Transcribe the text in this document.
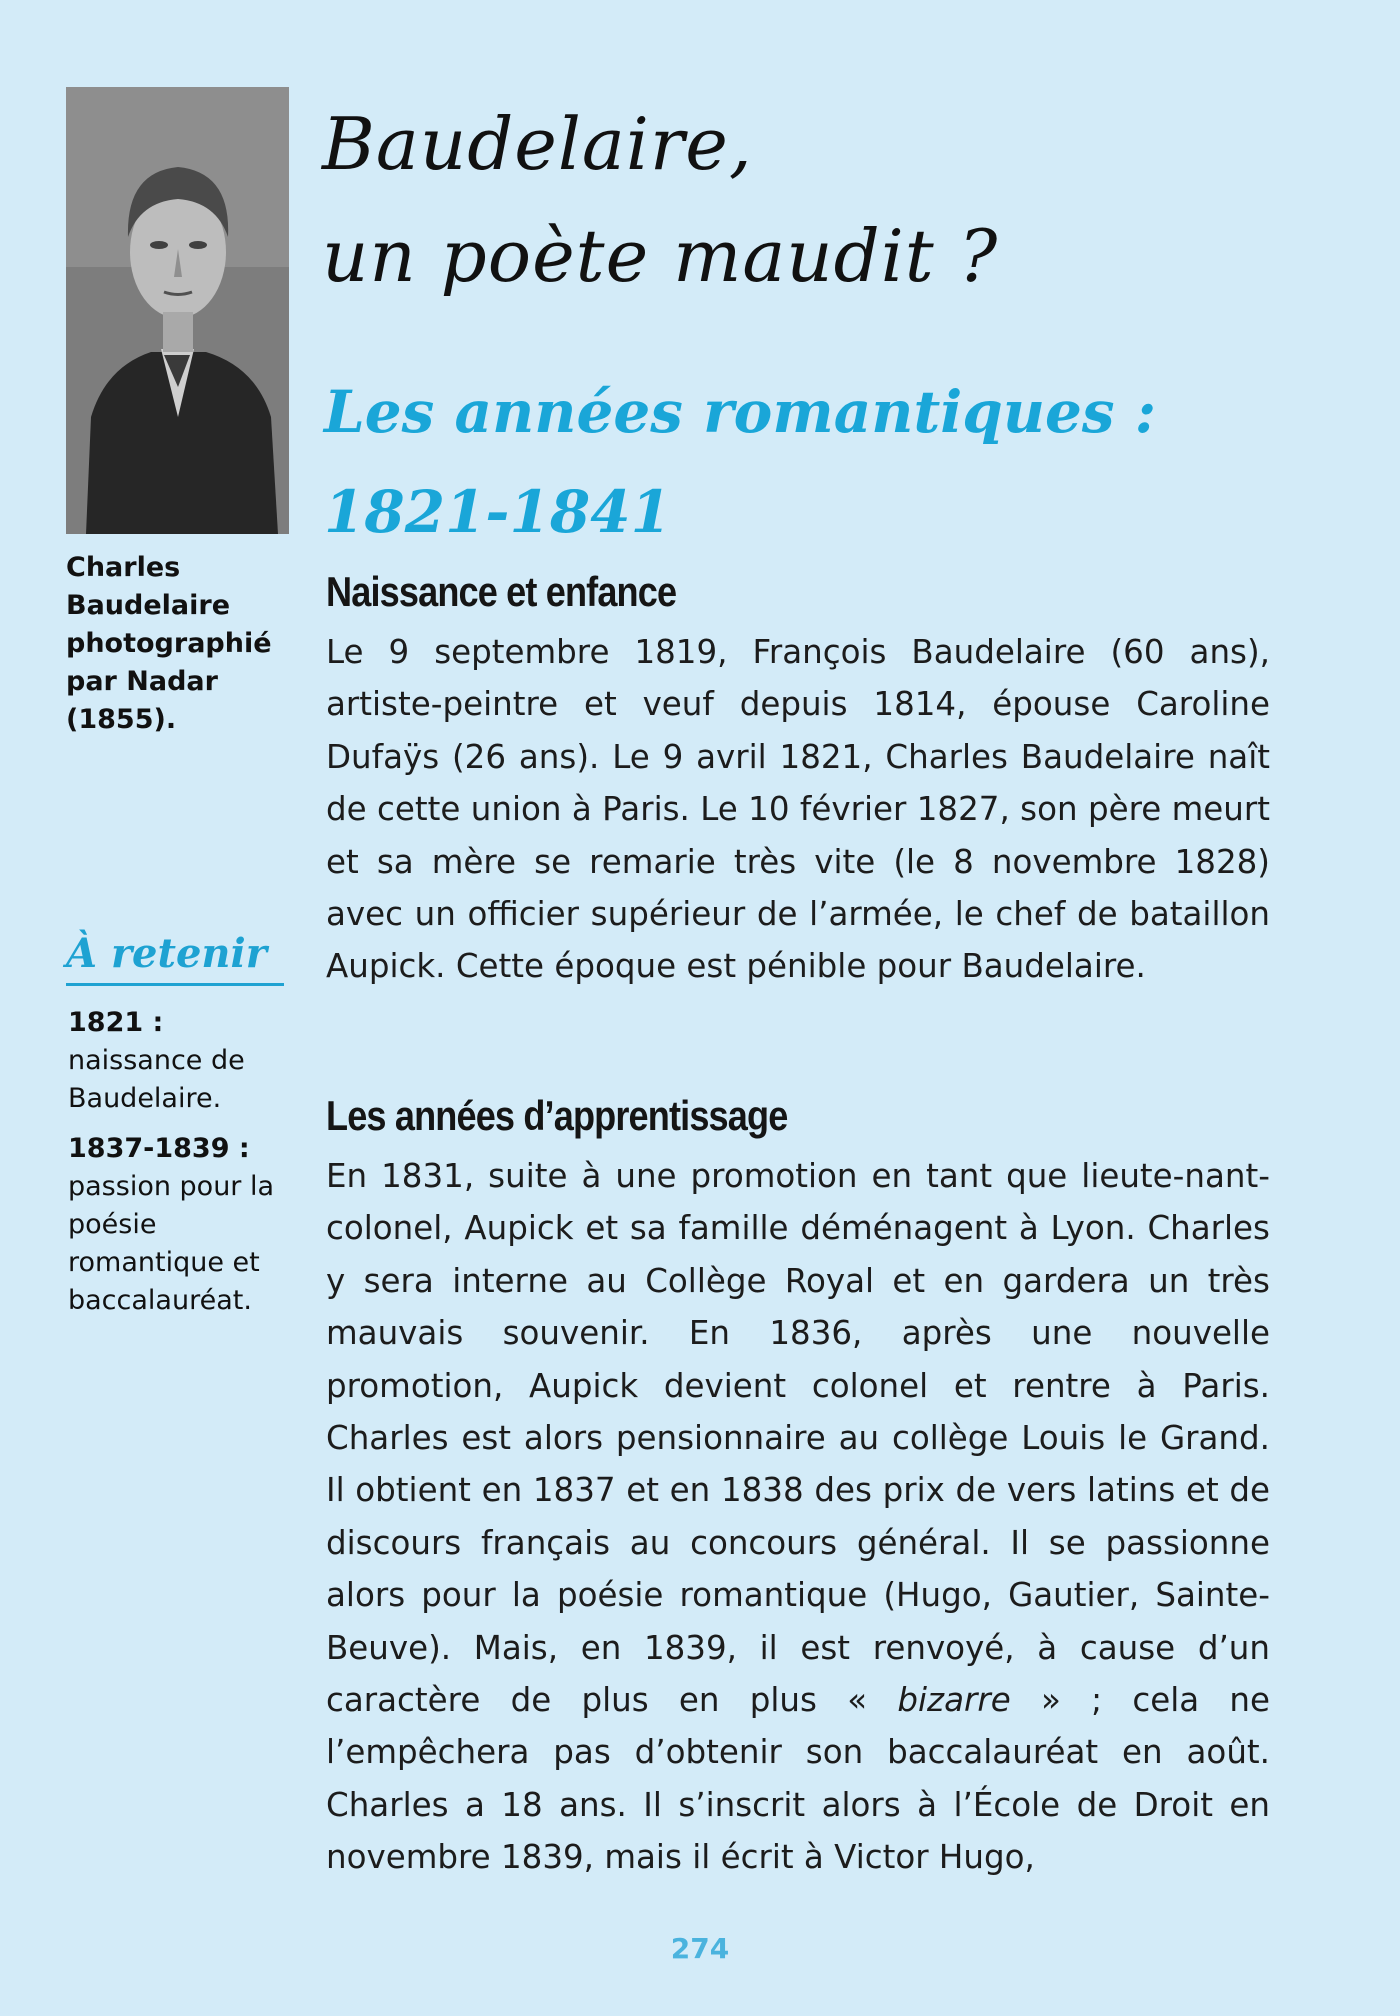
Charles Baudelaire photographié par Nadar (1855).
Baudelaire,
un poète maudit ?
Les années romantiques :
1821-1841
À retenir
1821 :
naissance de Baudelaire.
1837-1839 :
passion pour la poésie romantique et baccalauréat.
Naissance et enfance

Le 9 septembre 1819, François Baudelaire (60 ans), artiste-peintre et veuf depuis 1814, épouse Caroline Dufaÿs (26 ans). Le 9 avril 1821, Charles Baudelaire naît de cette union à Paris. Le 10 février 1827, son père meurt et sa mère se remarie très vite (le 8 novembre 1828) avec un officier supérieur de l’armée, le chef de bataillon Aupick. Cette époque est pénible pour Baudelaire.

Les années d’apprentissage

En 1831, suite à une promotion en tant que lieute-nant-colonel, Aupick et sa famille déménagent à Lyon. Charles y sera interne au Collège Royal et en gardera un très mauvais souvenir. En 1836, après une nouvelle promotion, Aupick devient colonel et rentre à Paris. Charles est alors pensionnaire au collège Louis le Grand. Il obtient en 1837 et en 1838 des prix de vers latins et de discours français au concours général. Il se passionne alors pour la poésie romantique (Hugo, Gautier, Sainte-Beuve). Mais, en 1839, il est renvoyé, à cause d’un caractère de plus en plus « bizarre » ; cela ne l’empêchera pas d’obtenir son baccalauréat en août. Charles a 18 ans. Il s’inscrit alors à l’École de Droit en novembre 1839, mais il écrit à Victor Hugo,

274
